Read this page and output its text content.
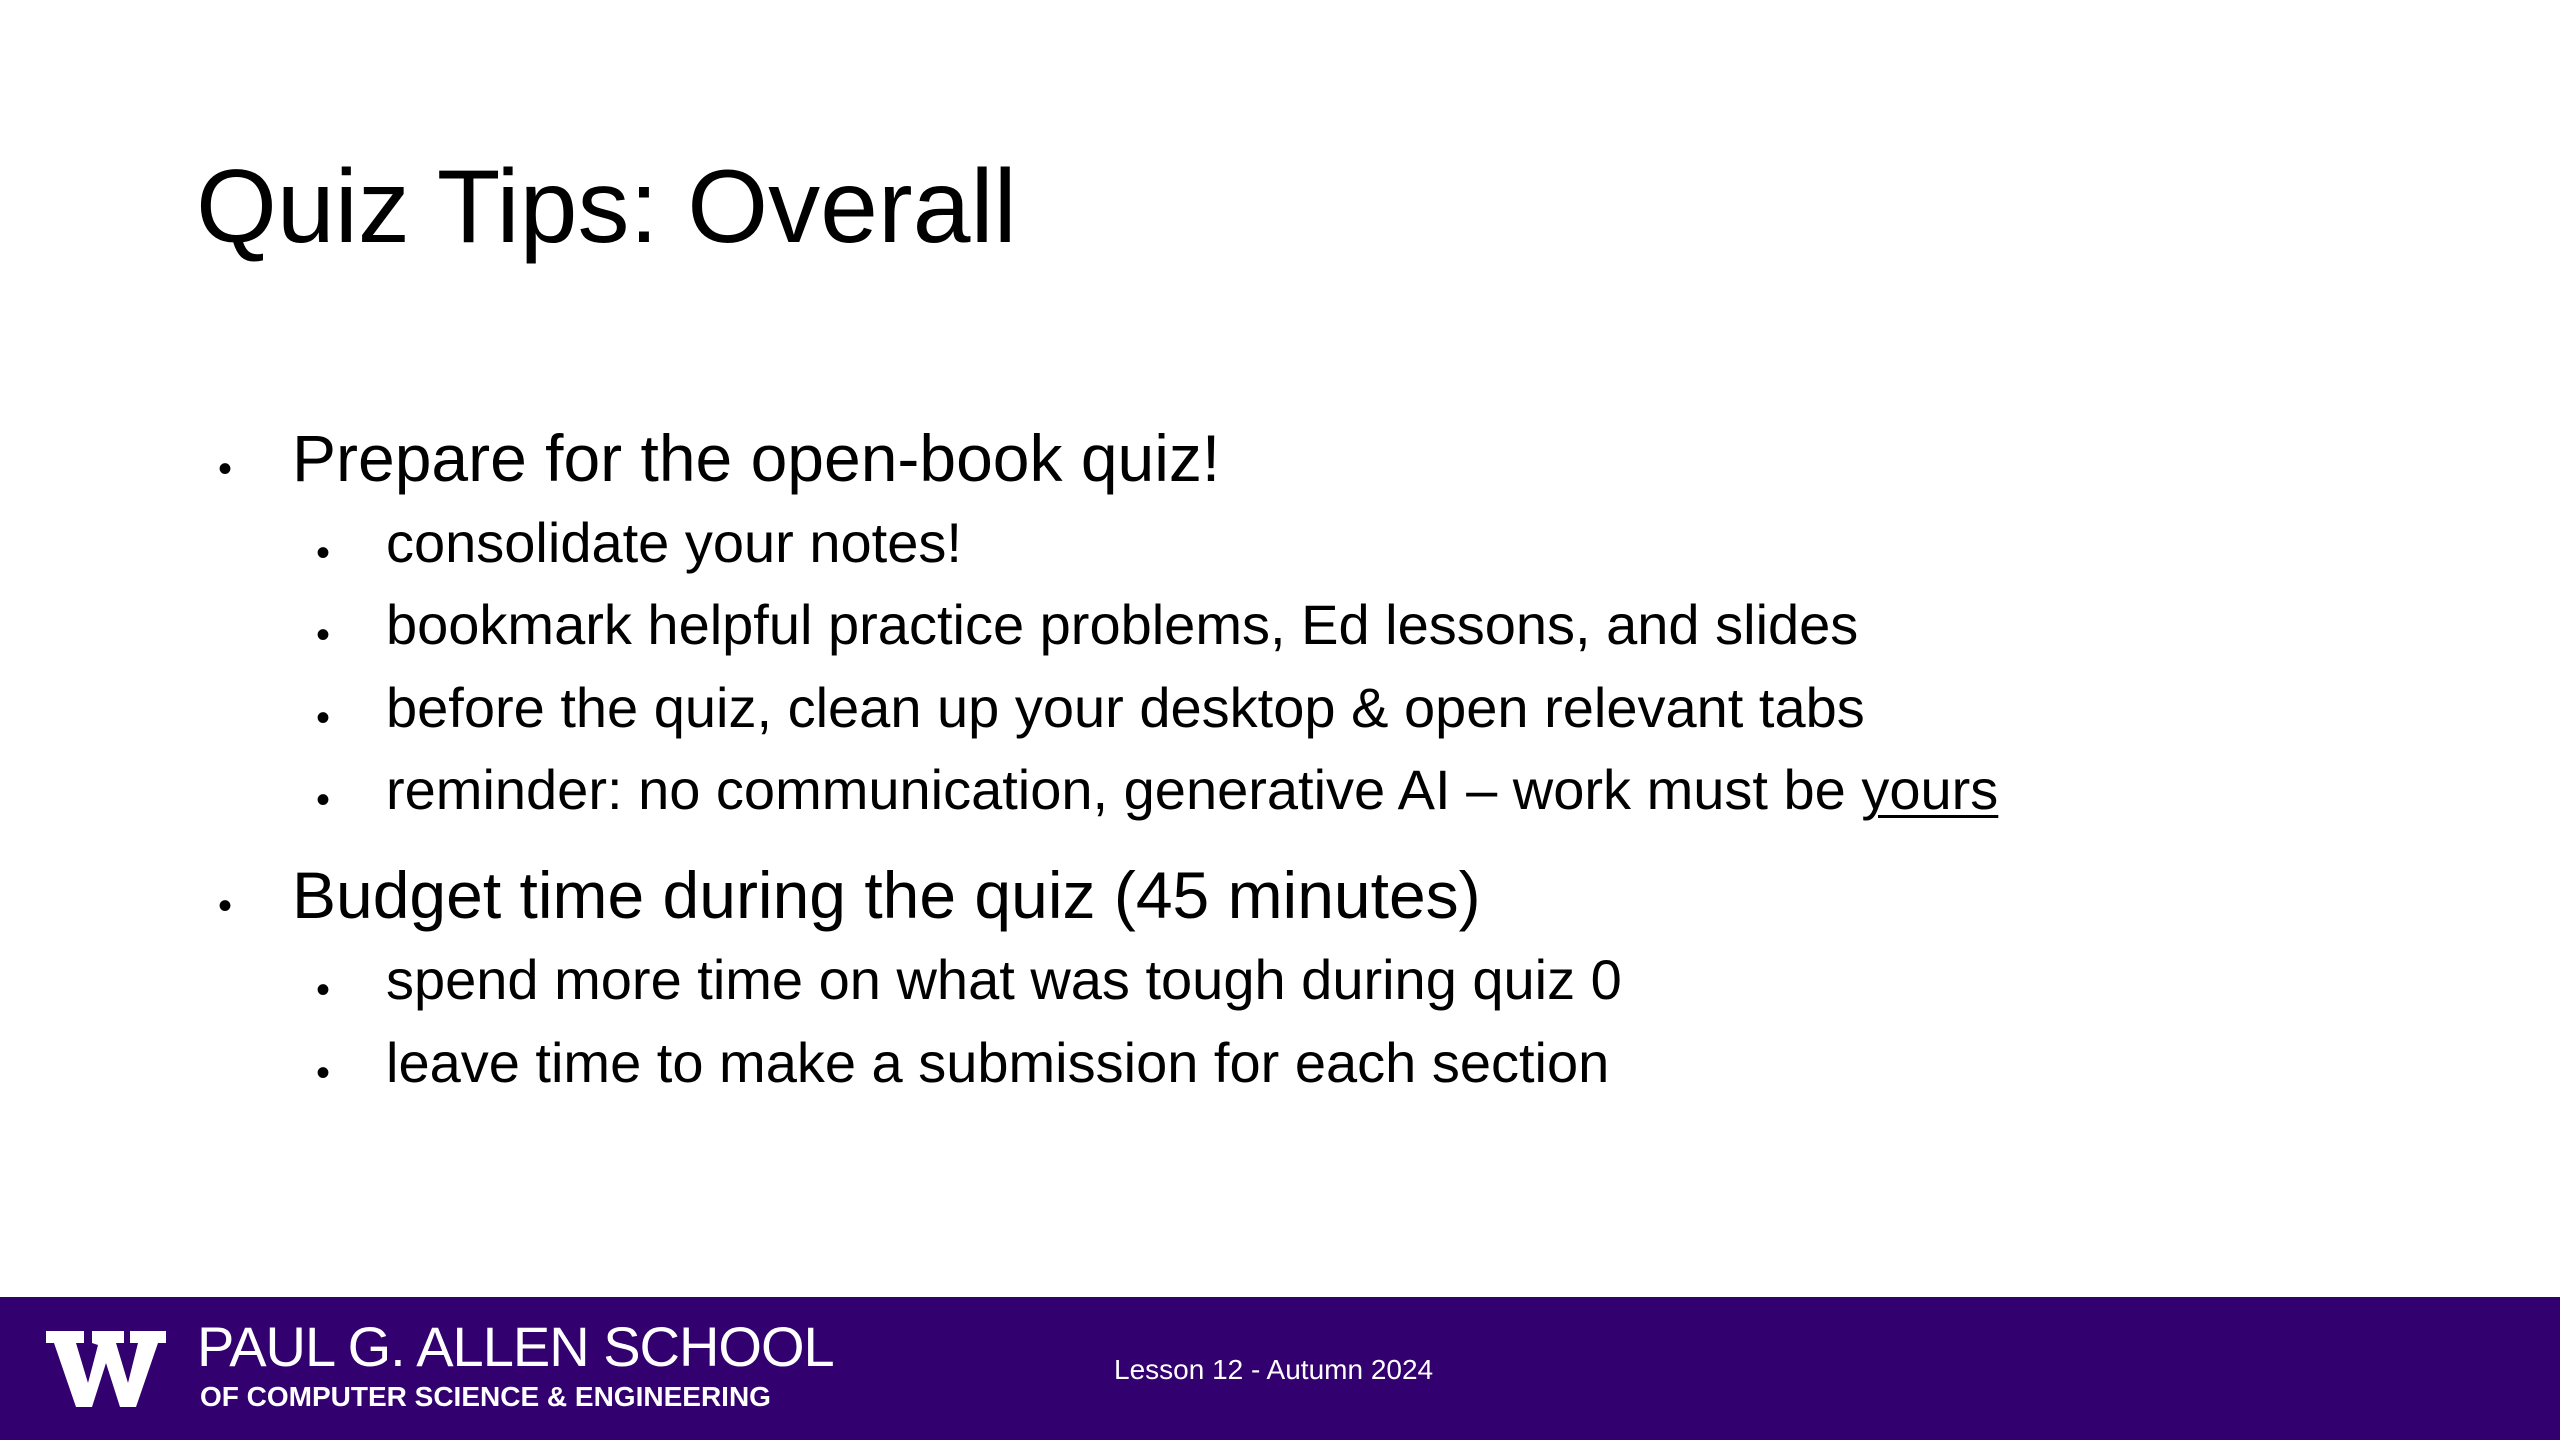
Quiz Tips: Overall
• Prepare for the open-book quiz!
• consolidate your notes!
• bookmark helpful practice problems, Ed lessons, and slides
• before the quiz, clean up your desktop & open relevant tabs
• reminder: no communication, generative AI – work must be yours
• Budget time during the quiz (45 minutes)
• spend more time on what was tough during quiz 0
• leave time to make a submission for each section
PAUL G. ALLEN SCHOOL
OF COMPUTER SCIENCE & ENGINEERING
Lesson 12 - Autumn 2024
